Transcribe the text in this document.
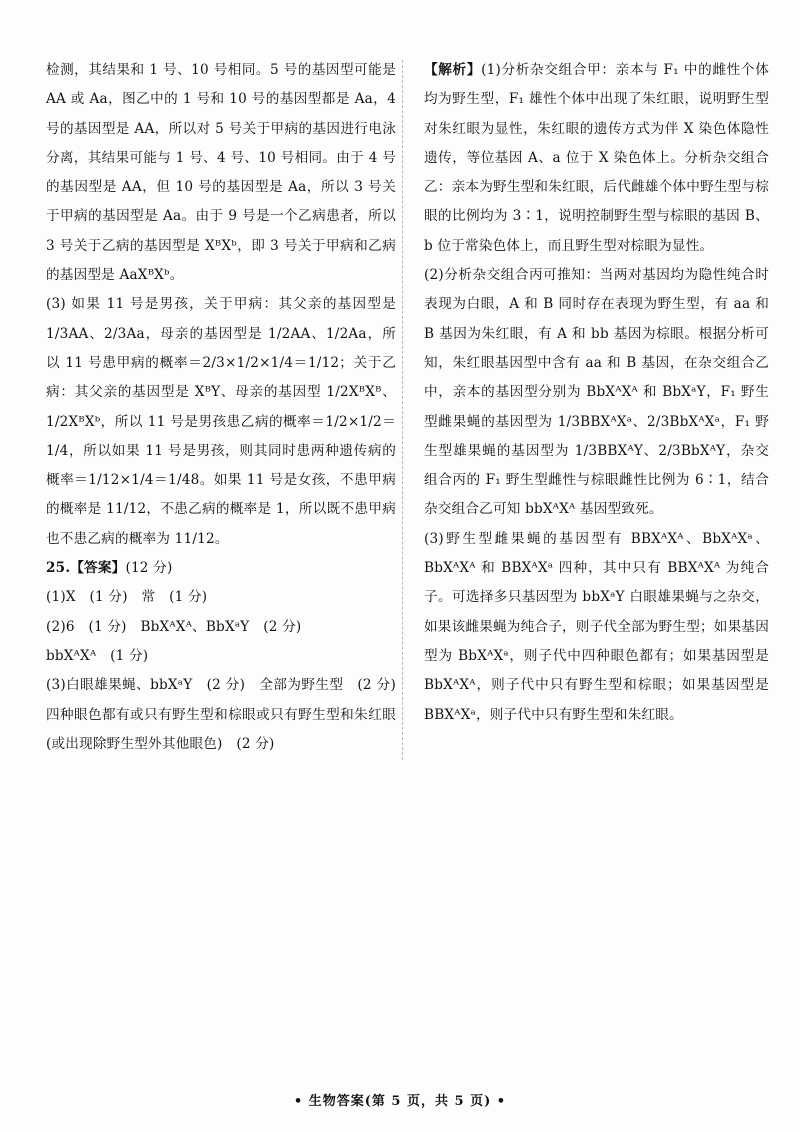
检测，其结果和 1 号、10 号相同。5 号的基因型可能是 AA 或 Aa，图乙中的 1 号和 10 号的基因型都是 Aa，4 号的基因型是 AA，所以对 5 号关于甲病的基因进行电泳分离，其结果可能与 1 号、4 号、10 号相同。由于 4 号的基因型是 AA，但 10 号的基因型是 Aa，所以 3 号关于甲病的基因型是 Aa。由于 9 号是一个乙病患者，所以 3 号关于乙病的基因型是 XᴮXᵇ，即 3 号关于甲病和乙病的基因型是 AaXᴮXᵇ。

(3) 如果 11 号是男孩，关于甲病：其父亲的基因型是 1/3AA、2/3Aa，母亲的基因型是 1/2AA、1/2Aa，所以 11 号患甲病的概率＝2/3×1/2×1/4＝1/12；关于乙病：其父亲的基因型是 XᴮY、母亲的基因型 1/2XᴮXᴮ、1/2XᴮXᵇ，所以 11 号是男孩患乙病的概率＝1/2×1/2＝1/4，所以如果 11 号是男孩，则其同时患两种遗传病的概率＝1/12×1/4＝1/48。如果 11 号是女孩，不患甲病的概率是 11/12，不患乙病的概率是 1，所以既不患甲病也不患乙病的概率为 11/12。

25.【答案】(12 分)

(1)X　(1 分)　常　(1 分)

(2)6　(1 分)　BbXᴬXᴬ、BbXᵃY　(2 分)

bbXᴬXᴬ　(1 分)

(3)白眼雄果蝇、bbXᵃY　(2 分)　全部为野生型　(2 分)　四种眼色都有或只有野生型和棕眼或只有野生型和朱红眼(或出现除野生型外其他眼色)　(2 分)

【解析】(1)分析杂交组合甲：亲本与 F₁ 中的雌性个体均为野生型，F₁ 雄性个体中出现了朱红眼，说明野生型对朱红眼为显性，朱红眼的遗传方式为伴 X 染色体隐性遗传，等位基因 A、a 位于 X 染色体上。分析杂交组合乙：亲本为野生型和朱红眼，后代雌雄个体中野生型与棕眼的比例均为 3∶1，说明控制野生型与棕眼的基因 B、b 位于常染色体上，而且野生型对棕眼为显性。

(2)分析杂交组合丙可推知：当两对基因均为隐性纯合时表现为白眼，A 和 B 同时存在表现为野生型，有 aa 和 B 基因为朱红眼，有 A 和 bb 基因为棕眼。根据分析可知，朱红眼基因型中含有 aa 和 B 基因，在杂交组合乙中，亲本的基因型分别为 BbXᴬXᴬ 和 BbXᵃY，F₁ 野生型雌果蝇的基因型为 1/3BBXᴬXᵃ、2/3BbXᴬXᵃ，F₁ 野生型雄果蝇的基因型为 1/3BBXᴬY、2/3BbXᴬY，杂交组合丙的 F₁ 野生型雌性与棕眼雌性比例为 6∶1，结合杂交组合乙可知 bbXᴬXᴬ 基因型致死。

(3)野生型雌果蝇的基因型有 BBXᴬXᴬ、BbXᴬXᵃ、BbXᴬXᴬ 和 BBXᴬXᵃ 四种，其中只有 BBXᴬXᴬ 为纯合子。可选择多只基因型为 bbXᵃY 白眼雄果蝇与之杂交，如果该雌果蝇为纯合子，则子代全部为野生型；如果基因型为 BbXᴬXᵃ，则子代中四种眼色都有；如果基因型是 BbXᴬXᴬ，则子代中只有野生型和棕眼；如果基因型是 BBXᴬXᵃ，则子代中只有野生型和朱红眼。

• 生物答案(第 5 页，共 5 页) •
